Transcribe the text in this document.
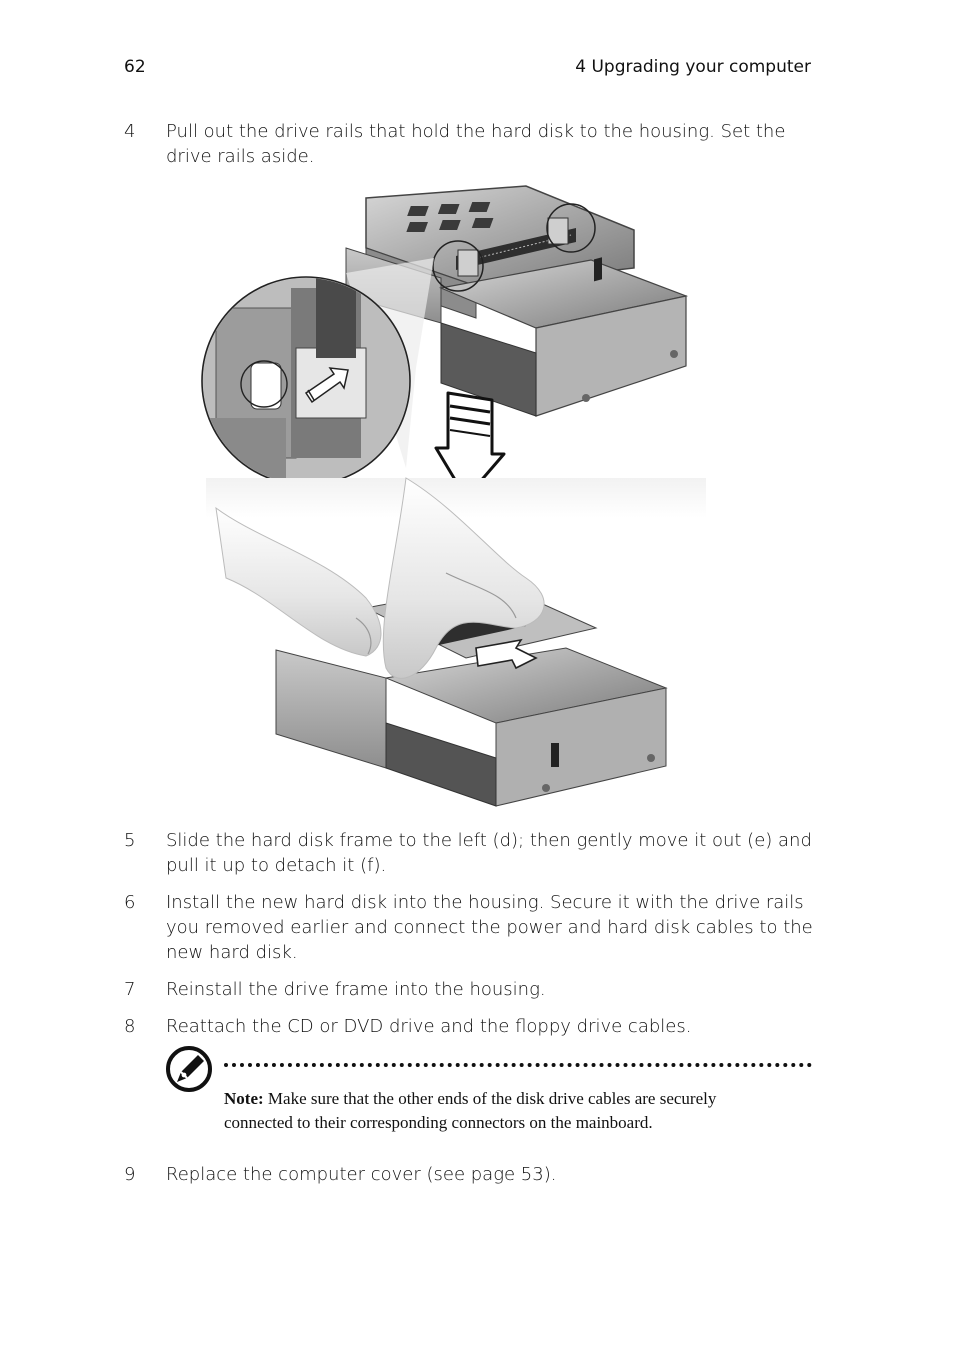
62	4 Upgrading your computer
4	Pull out the drive rails that hold the hard disk to the housing. Set the drive rails aside.
5	Slide the hard disk frame to the left (d); then gently move it out (e) and pull it up to detach it (f).
6	Install the new hard disk into the housing. Secure it with the drive rails you removed earlier and connect the power and hard disk cables to the new hard disk.
7	Reinstall the drive frame into the housing.
8	Reattach the CD or DVD drive and the floppy drive cables.
Note: Make sure that the other ends of the disk drive cables are securely connected to their corresponding connectors on the mainboard.
9	Replace the computer cover (see page 53).
